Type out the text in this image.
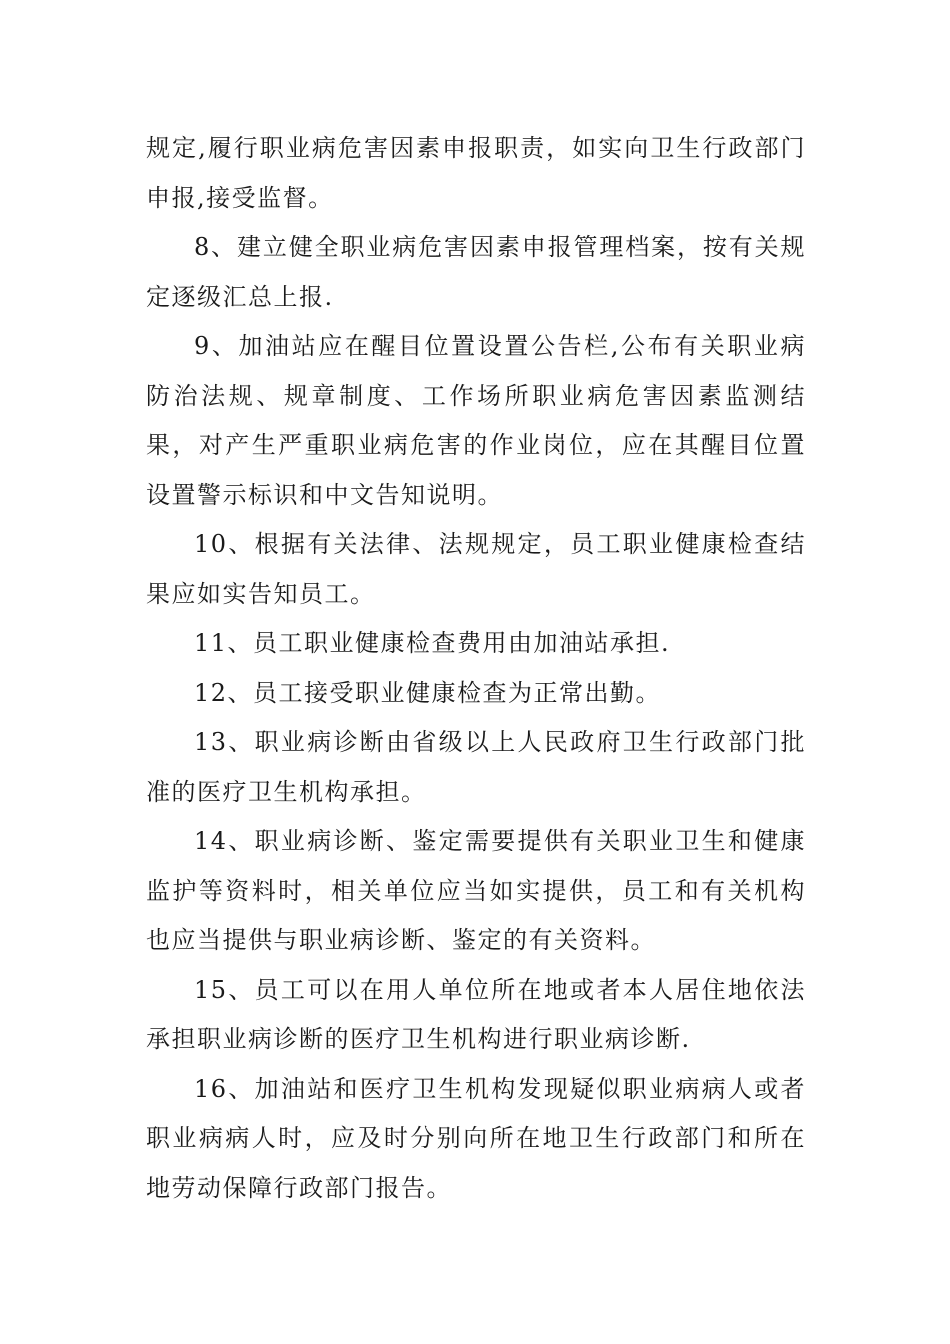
规定,履行职业病危害因素申报职责，如实向卫生行政部门申报,接受监督。

8、建立健全职业病危害因素申报管理档案，按有关规定逐级汇总上报.

9、加油站应在醒目位置设置公告栏,公布有关职业病防治法规、规章制度、工作场所职业病危害因素监测结果，对产生严重职业病危害的作业岗位，应在其醒目位置设置警示标识和中文告知说明。

10、根据有关法律、法规规定，员工职业健康检查结果应如实告知员工。

11、员工职业健康检查费用由加油站承担.

12、员工接受职业健康检查为正常出勤。

13、职业病诊断由省级以上人民政府卫生行政部门批准的医疗卫生机构承担。

14、职业病诊断、鉴定需要提供有关职业卫生和健康监护等资料时，相关单位应当如实提供，员工和有关机构也应当提供与职业病诊断、鉴定的有关资料。

15、员工可以在用人单位所在地或者本人居住地依法承担职业病诊断的医疗卫生机构进行职业病诊断.

16、加油站和医疗卫生机构发现疑似职业病病人或者职业病病人时，应及时分别向所在地卫生行政部门和所在地劳动保障行政部门报告。
